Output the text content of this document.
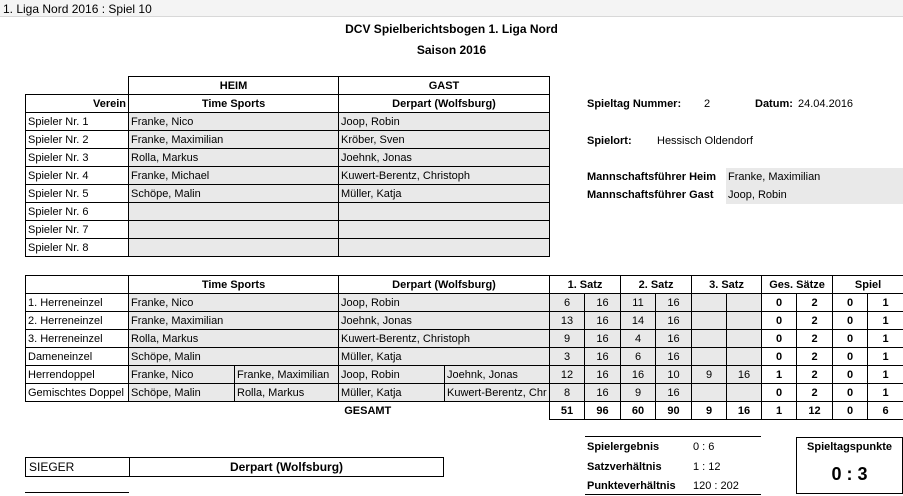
1. Liga Nord 2016 : Spiel 10
DCV Spielberichtsbogen 1. Liga Nord
Saison 2016
	HEIM	GAST
Verein	Time Sports	Derpart (Wolfsburg)
Spieler Nr. 1	Franke, Nico	Joop, Robin
Spieler Nr. 2	Franke, Maximilian	Kröber, Sven
Spieler Nr. 3	Rolla, Markus	Joehnk, Jonas
Spieler Nr. 4	Franke, Michael	Kuwert-Berentz, Christoph
Spieler Nr. 5	Schöpe, Malin	Müller, Katja
Spieler Nr. 6		
Spieler Nr. 7		
Spieler Nr. 8		
Spieltag Nummer: 2	Datum: 24.04.2016
Spielort: Hessisch Oldendorf
Mannschaftsführer Heim Franke, Maximilian
Mannschaftsführer Gast Joop, Robin
	Time Sports		Derpart (Wolfsburg)		1. Satz		2. Satz		3. Satz		Ges. Sätze		Spiel	
1. Herreneinzel	Franke, Nico		Joop, Robin		6	16	11	16			0	2	0	1
2. Herreneinzel	Franke, Maximilian		Joehnk, Jonas		13	16	14	16			0	2	0	1
3. Herreneinzel	Rolla, Markus		Kuwert-Berentz, Christoph		9	16	4	16			0	2	0	1
Dameneinzel	Schöpe, Malin		Müller, Katja		3	16	6	16			0	2	0	1
Herrendoppel	Franke, Nico	Franke, Maximilian	Joop, Robin	Joehnk, Jonas	12	16	16	10	9	16	1	2	0	1
Gemischtes Doppel	Schöpe, Malin	Rolla, Markus	Müller, Katja	Kuwert-Berentz, Chr	8	16	9	16			0	2	0	1
	GESAMT				51	96	60	90	9	16	1	12	0	6
SIEGER	Derpart (Wolfsburg)
Spielergebnis	0 : 6
Satzverhältnis	1 : 12
Punkteverhältnis 120 : 202
Spieltagspunkte
0 : 3
